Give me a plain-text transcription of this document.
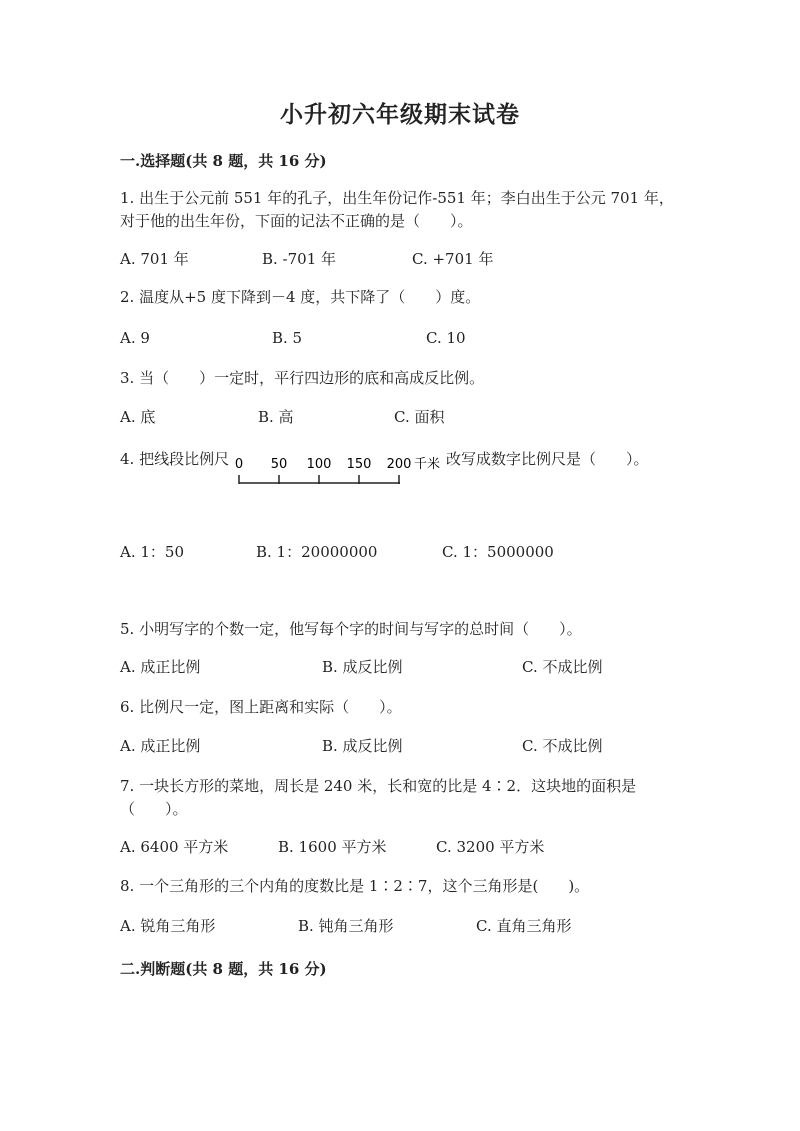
小升初六年级期末试卷
一.选择题(共 8 题，共 16 分)
1. 出生于公元前 551 年的孔子，出生年份记作-551 年；李白出生于公元 701 年，对于他的出生年份，下面的记法不正确的是（　　）。
A. 701 年	B. -701 年	C. +701 年
2. 温度从+5 度下降到－4 度，共下降了（　　）度。
A. 9	B. 5	C. 10
3. 当（　　）一定时，平行四边形的底和高成反比例。
A. 底	B. 高	C. 面积
4. 把线段比例尺 0 50 100 150 200 千米 改写成数字比例尺是（　　）。
A. 1：50	B. 1：20000000	C. 1：5000000
5. 小明写字的个数一定，他写每个字的时间与写字的总时间（　　）。
A. 成正比例	B. 成反比例	C. 不成比例
6. 比例尺一定，图上距离和实际（　　）。
A. 成正比例	B. 成反比例	C. 不成比例
7. 一块长方形的菜地，周长是 240 米，长和宽的比是 4∶2．这块地的面积是（　　）。
A. 6400 平方米	B. 1600 平方米	C. 3200 平方米
8. 一个三角形的三个内角的度数比是 1∶2∶7，这个三角形是(　　)。
A. 锐角三角形	B. 钝角三角形	C. 直角三角形
二.判断题(共 8 题，共 16 分)
